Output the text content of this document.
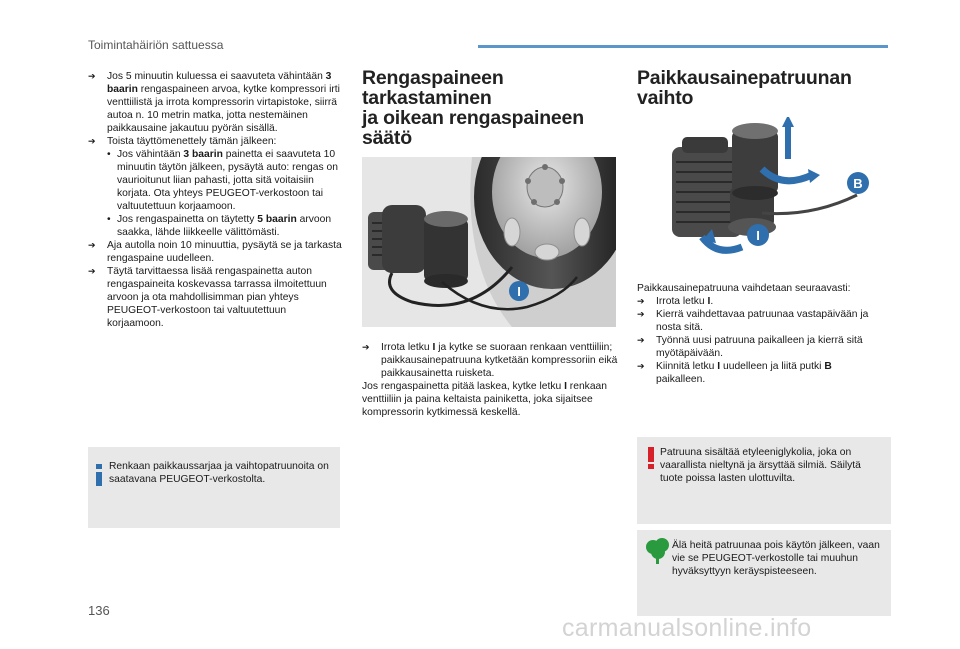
Toimintahäiriön sattuessa

➔ Jos 5 minuutin kuluessa ei saavuteta vähintään 3 baarin rengaspaineen arvoa, kytke kompressori irti venttiilistä ja irrota kompressorin virtapistoke, siirrä autoa n. 10 metrin matka, jotta nestemäinen paikkausaine jakautuu pyörän sisällä.

➔ Toista täyttömenettely tämän jälkeen:

• Jos vähintään 3 baarin painetta ei saavuteta 10 minuutin täytön jälkeen, pysäytä auto: rengas on vaurioitunut liian pahasti, jotta sitä voitaisiin korjata. Ota yhteys PEUGEOT-verkostoon tai valtuutettuun korjaamoon.

• Jos rengaspainetta on täytetty 5 baarin arvoon saakka, lähde liikkeelle välittömästi.

➔ Aja autolla noin 10 minuuttia, pysäytä se ja tarkasta rengaspaine uudelleen.

➔ Täytä tarvittaessa lisää rengaspainetta auton rengaspaineita koskevassa tarrassa ilmoitettuun arvoon ja ota mahdollisimman pian yhteys PEUGEOT-verkostoon tai valtuutettuun korjaamoon.

Renkaan paikkaussarjaa ja vaihtopatruunoita on saatavana PEUGEOT-verkostolta.
Rengaspaineen tarkastaminen
ja oikean rengaspaineen säätö

I

➔ Irrota letku I ja kytke se suoraan renkaan venttiiliin; paikkausainepatruuna kytketään kompressoriin eikä paikkausainetta ruisketa.

Jos rengaspainetta pitää laskea, kytke letku I renkaan venttiiliin ja paina keltaista painiketta, joka sijaitsee kompressorin kytkimessä keskellä.

Paikkausainepatruunan
vaihto
B
I

Paikkausainepatruuna vaihdetaan seuraavasti:

➔ Irrota letku I.

➔ Kierrä vaihdettavaa patruunaa vastapäivään ja nosta sitä.

➔ Työnnä uusi patruuna paikalleen ja kierrä sitä myötäpäivään.

➔ Kiinnitä letku I uudelleen ja liitä putki B
paikalleen.

Patruuna sisältää etyleeniglykolia, joka on vaarallista nieltynä ja ärsyttää silmiä. Säilytä tuote poissa lasten ulottuvilta.
Älä heitä patruunaa pois käytön jälkeen, vaan vie se PEUGEOT-verkostolle tai muuhun hyväksyttyyn keräyspisteeseen.
136
carmanualsonline.info
